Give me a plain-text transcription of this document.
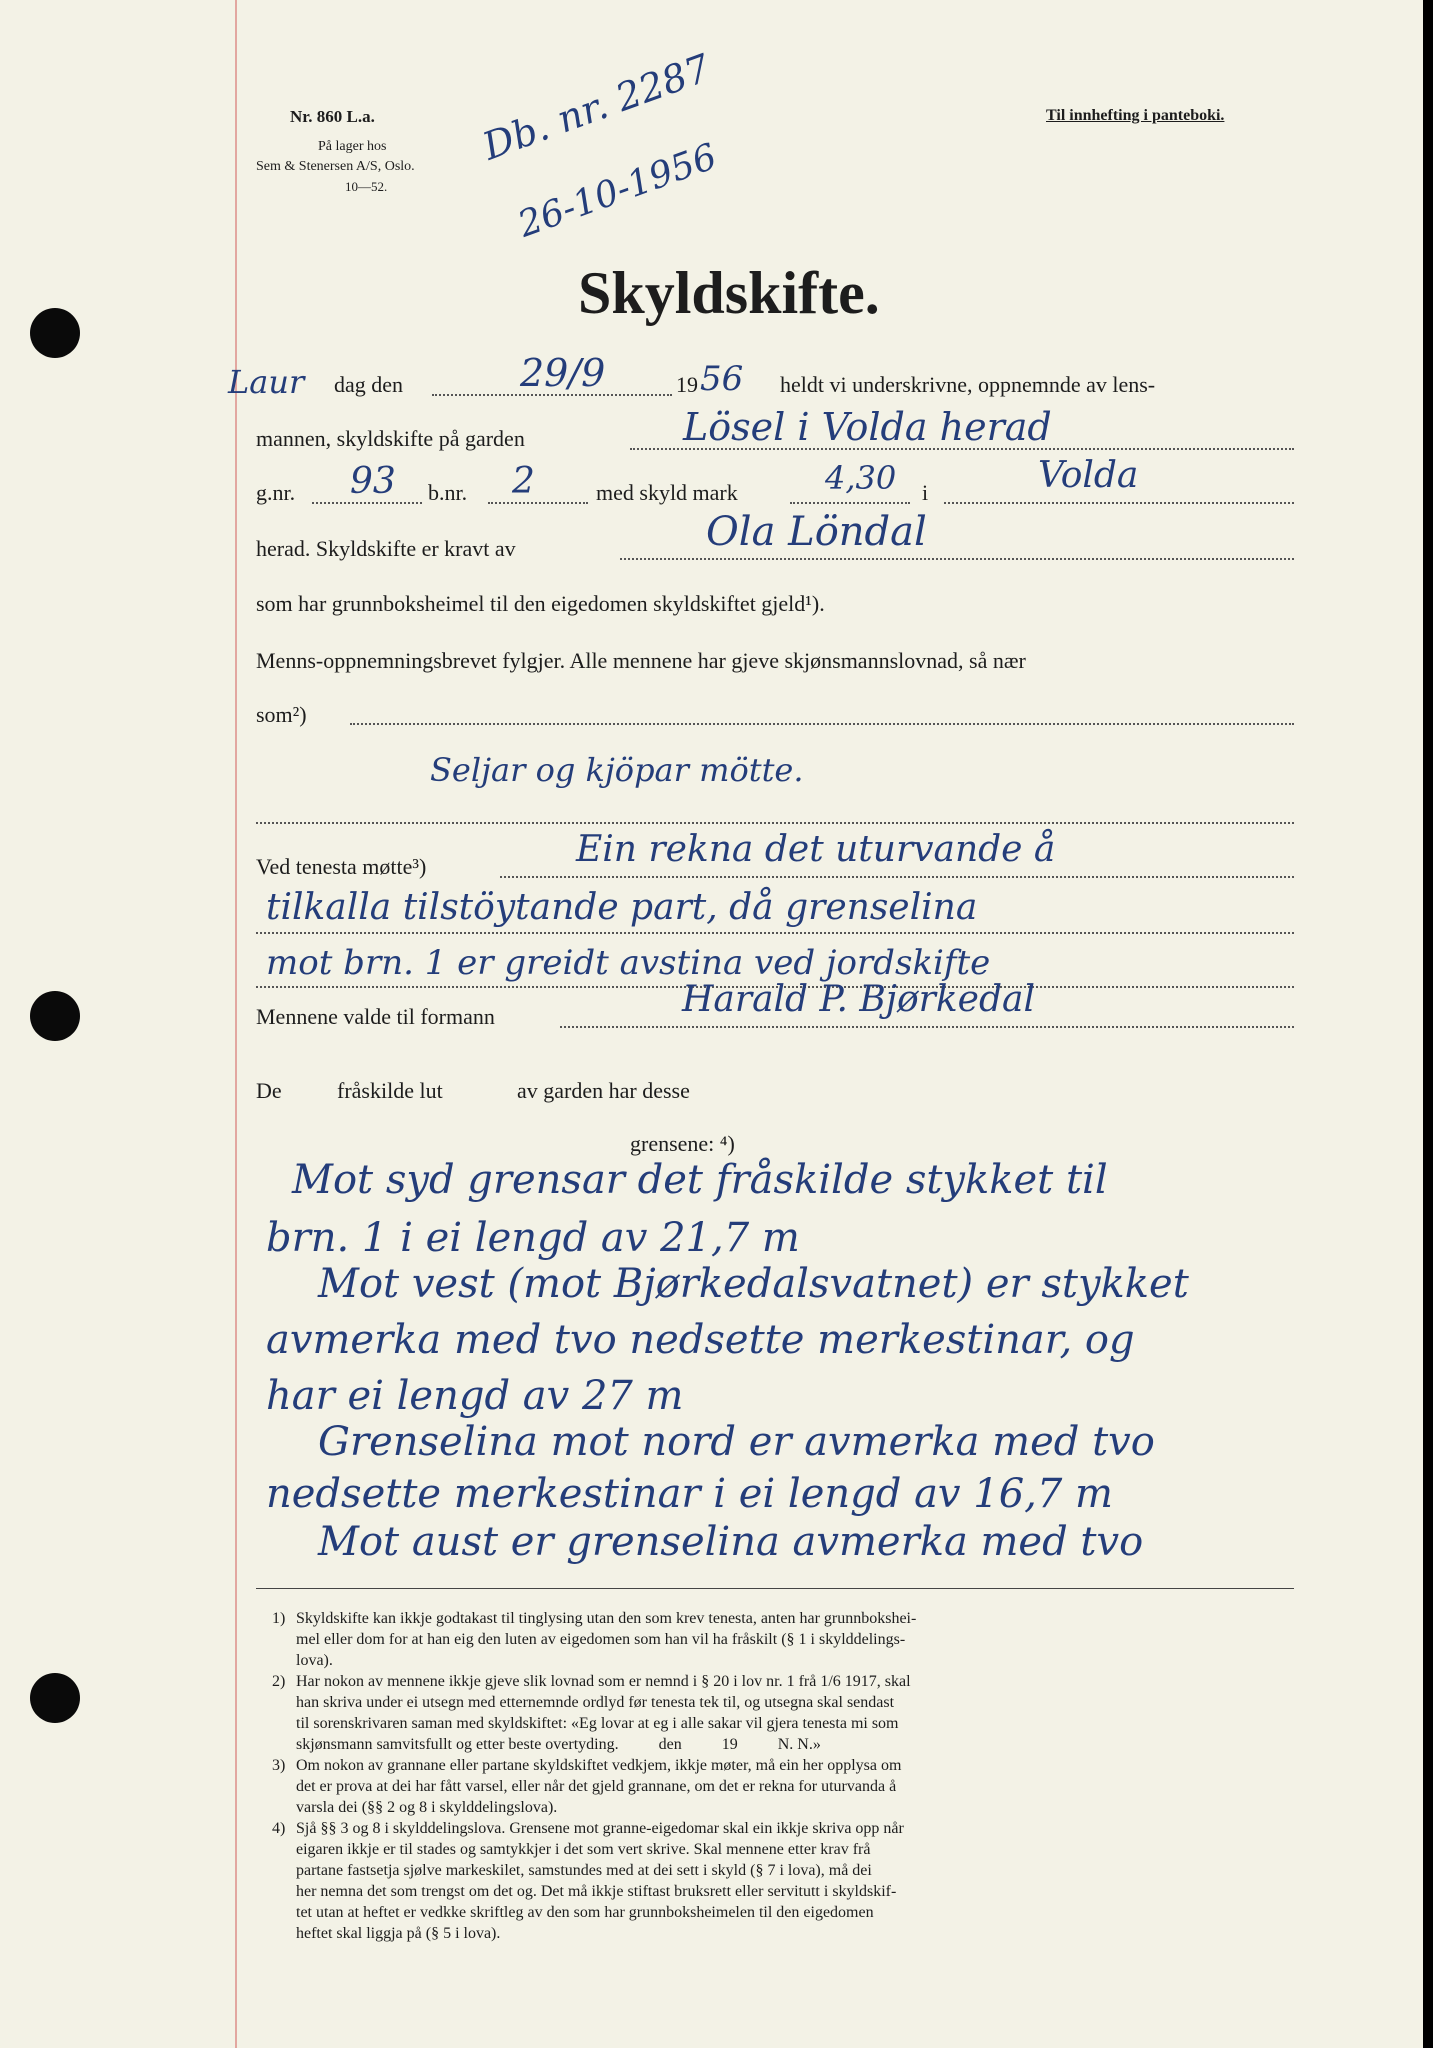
Nr. 860 L.a.
På lager hos
Sem & Stenersen A/S, Oslo.
10—52.
Til innhefting i panteboki.
Db. nr. 2287
26-10-1956
Skyldskifte.
Laur dag den	29/9	19 56 heldt vi underskrivne, oppnemnde av lens-
mannen, skyldskifte på garden	Lösel i Volda herad
g.nr. 93 b.nr. 2	med skyld mark	4,30 i	Volda
herad. Skyldskifte er kravt av	Ola Löndal
som har grunnboksheimel til den eigedomen skyldskiftet gjeld¹).
Menns-oppnemningsbrevet fylgjer. Alle mennene har gjeve skjønsmannslovnad, så nær
som²)
Seljar og kjöpar mötte.
Ved tenesta møtte³)	Ein rekna det uturvande å
tilkalla tilstöytande part, då grenselina
mot brn. 1 er greidt avstina ved jordskifte
Mennene valde til formann	Harald P. Bjørkedal
De	fråskilde lut	av garden har desse
grensene: ⁴)
Mot syd grensar det fråskilde stykket til
brn. 1 i ei lengd av 21,7 m
Mot vest (mot Bjørkedalsvatnet) er stykket
avmerka med tvo nedsette merkestinar, og
har ei lengd av 27 m
Grenselina mot nord er avmerka med tvo
nedsette merkestinar i ei lengd av 16,7 m
Mot aust er grenselina avmerka med tvo
1) Skyldskifte kan ikkje godtakast til tinglysing utan den som krev tenesta, anten har grunnbokshei-
mel eller dom for at han eig den luten av eigedomen som han vil ha fråskilt (§ 1 i skylddelings-
lova).
2) Har nokon av mennene ikkje gjeve slik lovnad som er nemnd i § 20 i lov nr. 1 frå 1/6 1917, skal
han skriva under ei utsegn med etternemnde ordlyd før tenesta tek til, og utsegna skal sendast
til sorenskrivaren saman med skyldskiftet: «Eg lovar at eg i alle sakar vil gjera tenesta mi som
skjønsmann samvitsfullt og etter beste overtyding.          den          19          N. N.»
3) Om nokon av grannane eller partane skyldskiftet vedkjem, ikkje møter, må ein her opplysa om
det er prova at dei har fått varsel, eller når det gjeld grannane, om det er rekna for uturvanda å
varsla dei (§§ 2 og 8 i skylddelingslova).
4) Sjå §§ 3 og 8 i skylddelingslova. Grensene mot granne-eigedomar skal ein ikkje skriva opp når
eigaren ikkje er til stades og samtykkjer i det som vert skrive. Skal mennene etter krav frå
partane fastsetja sjølve markeskilet, samstundes med at dei sett i skyld (§ 7 i lova), må dei
her nemna det som trengst om det og. Det må ikkje stiftast bruksrett eller servitutt i skyldskif-
tet utan at heftet er vedkke skriftleg av den som har grunnboksheimelen til den eigedomen
heftet skal liggja på (§ 5 i lova).
